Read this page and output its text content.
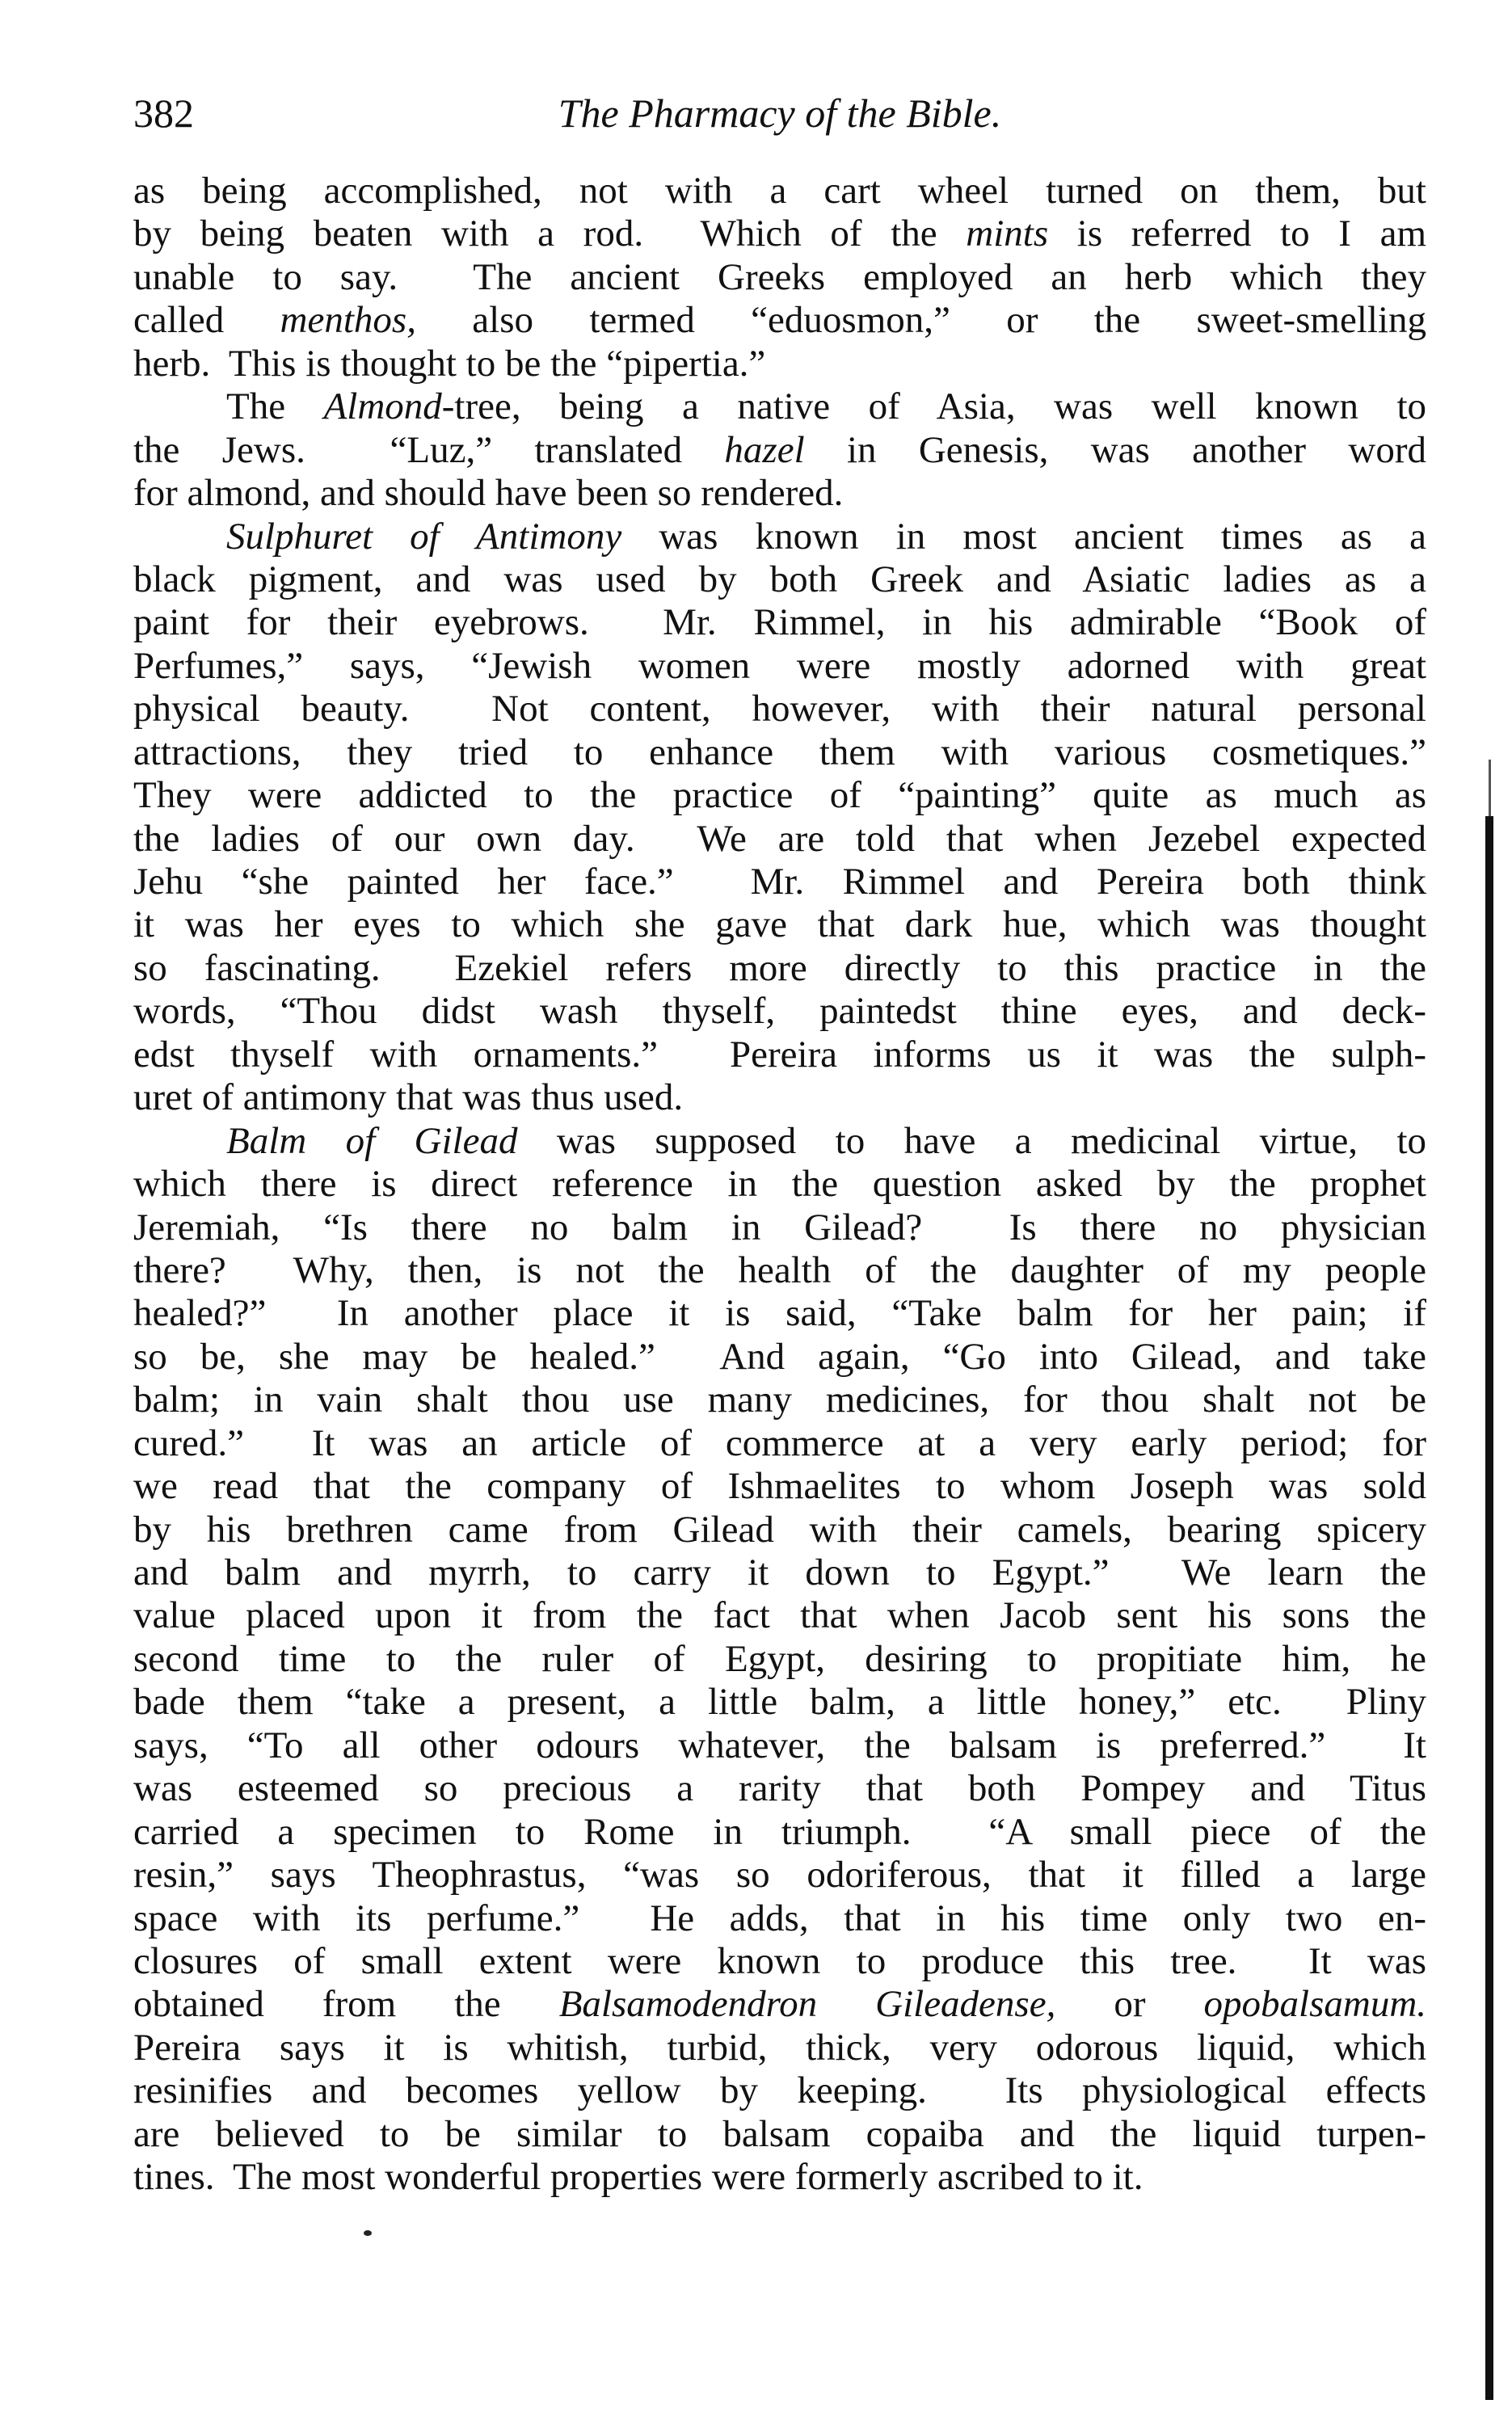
382	The Pharmacy of the Bible.
as being accomplished, not with a cart wheel turned on them, but
by being beaten with a rod.  Which of the mints is referred to I am
unable to say.  The ancient Greeks employed an herb which they
called menthos, also termed “eduosmon,” or the sweet-smelling
herb.  This is thought to be the “pipertia.”
The Almond-tree, being a native of Asia, was well known to
the Jews.  “Luz,” translated hazel in Genesis, was another word
for almond, and should have been so rendered.
Sulphuret of Antimony was known in most ancient times as a
black pigment, and was used by both Greek and Asiatic ladies as a
paint for their eyebrows.  Mr. Rimmel, in his admirable “Book of
Perfumes,” says, “Jewish women were mostly adorned with great
physical beauty.  Not content, however, with their natural personal
attractions, they tried to enhance them with various cosmetiques.”
They were addicted to the practice of “painting” quite as much as
the ladies of our own day.  We are told that when Jezebel expected
Jehu “she painted her face.”  Mr. Rimmel and Pereira both think
it was her eyes to which she gave that dark hue, which was thought
so fascinating.  Ezekiel refers more directly to this practice in the
words, “Thou didst wash thyself, paintedst thine eyes, and deck-
edst thyself with ornaments.”  Pereira informs us it was the sulph-
uret of antimony that was thus used.
Balm of Gilead was supposed to have a medicinal virtue, to
which there is direct reference in the question asked by the prophet
Jeremiah, “Is there no balm in Gilead?  Is there no physician
there?  Why, then, is not the health of the daughter of my people
healed?”  In another place it is said, “Take balm for her pain; if
so be, she may be healed.”  And again, “Go into Gilead, and take
balm; in vain shalt thou use many medicines, for thou shalt not be
cured.”  It was an article of commerce at a very early period; for
we read that the company of Ishmaelites to whom Joseph was sold
by his brethren came from Gilead with their camels, bearing spicery
and balm and myrrh, to carry it down to Egypt.”  We learn the
value placed upon it from the fact that when Jacob sent his sons the
second time to the ruler of Egypt, desiring to propitiate him, he
bade them “take a present, a little balm, a little honey,” etc.  Pliny
says, “To all other odours whatever, the balsam is preferred.”  It
was esteemed so precious a rarity that both Pompey and Titus
carried a specimen to Rome in triumph.  “A small piece of the
resin,” says Theophrastus, “was so odoriferous, that it filled a large
space with its perfume.”  He adds, that in his time only two en-
closures of small extent were known to produce this tree.  It was
obtained from the Balsamodendron Gileadense, or opobalsamum.
Pereira says it is whitish, turbid, thick, very odorous liquid, which
resinifies and becomes yellow by keeping.  Its physiological effects
are believed to be similar to balsam copaiba and the liquid turpen-
tines.  The most wonderful properties were formerly ascribed to it.
